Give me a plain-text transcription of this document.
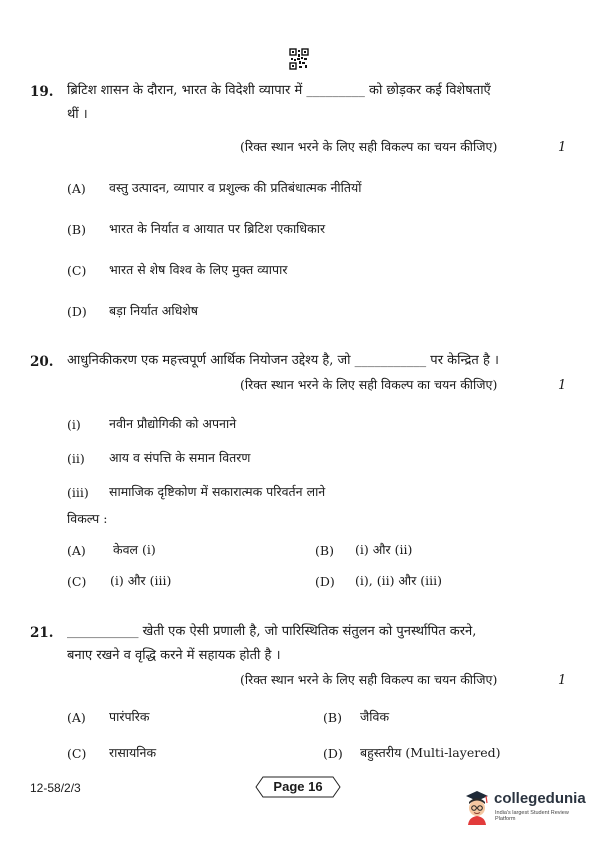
19. ब्रिटिश शासन के दौरान, भारत के विदेशी व्यापार में _________ को छोड़कर कई विशेषताएँ
थीं ।
(रिक्त स्थान भरने के लिए सही विकल्प का चयन कीजिए)	1
(A) वस्तु उत्पादन, व्यापार व प्रशुल्क की प्रतिबंधात्मक नीतियों
(B) भारत के निर्यात व आयात पर ब्रिटिश एकाधिकार
(C) भारत से शेष विश्व के लिए मुक्त व्यापार
(D) बड़ा निर्यात अधिशेष
20. आधुनिकीकरण एक महत्त्वपूर्ण आर्थिक नियोजन उद्देश्य है, जो ___________ पर केन्द्रित है ।
(रिक्त स्थान भरने के लिए सही विकल्प का चयन कीजिए)	1
(i) नवीन प्रौद्योगिकी को अपनाने
(ii) आय व संपत्ति के समान वितरण
(iii) सामाजिक दृष्टिकोण में सकारात्मक परिवर्तन लाने
विकल्प :
(A) केवल (i)	(B) (i) और (ii)
(C) (i) और (iii)	(D) (i), (ii) और (iii)
21. ___________ खेती एक ऐसी प्रणाली है, जो पारिस्थितिक संतुलन को पुनर्स्थापित करने,
बनाए रखने व वृद्धि करने में सहायक होती है ।
(रिक्त स्थान भरने के लिए सही विकल्प का चयन कीजिए)	1
(A) पारंपरिक	(B) जैविक
(C) रासायनिक	(D) बहुस्तरीय (Multi-layered)
12-58/2/3	Page 16
collegedunia
India's largest Student Review Platform
